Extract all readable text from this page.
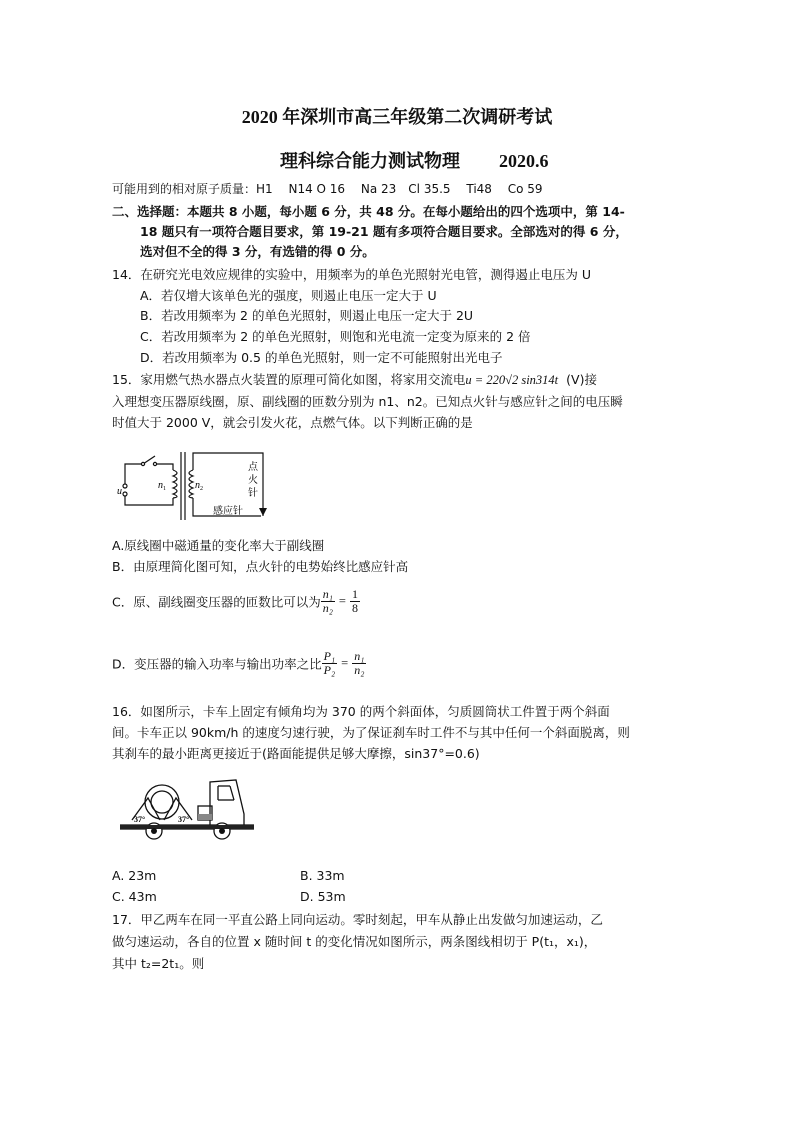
2020 年深圳市高三年级第二次调研考试
理科综合能力测试物理 2020.6
可能用到的相对原子质量：H1　 N14 O 16　 Na 23　Cl 35.5　 Ti48　 Co 59
二、选择题：本题共 8 小题，每小题 6 分，共 48 分。在每小题给出的四个选项中，第 14-
18 题只有一项符合题目要求，第 19-21 题有多项符合题目要求。全部选对的得 6 分，
选对但不全的得 3 分，有选错的得 0 分。
14．在研究光电效应规律的实验中，用频率为的单色光照射光电管，测得遏止电压为 U
A．若仅增大该单色光的强度，则遏止电压一定大于 U
B．若改用频率为 2 的单色光照射，则遏止电压一定大于 2U
C．若改用频率为 2 的单色光照射，则饱和光电流一定变为原来的 2 倍
D．若改用频率为 0.5 的单色光照射，则一定不可能照射出光电子
15．家用燃气热水器点火装置的原理可简化如图，将家用交流电u = 220√2 sin314t (V)接
入理想变压器原线圈，原、副线圈的匝数分别为 n1、n2。已知点火针与感应针之间的电压瞬
时值大于 2000 V，就会引发火花，点燃气体。以下判断正确的是
u
n 1	n 2
点
火
针
感应针
A.原线圈中磁通量的变化率大于副线圈
B．由原理简化图可知，点火针的电势始终比感应针高
C．原、副线圈变压器的匝数比可以为 $\frac{\text{n₁}}{\text{n₂}} = \frac{1}{8}$
D．变压器的输入功率与输出功率之比 $\frac{\text{P₁}}{\text{P₂}} = \frac{\text{n₁}}{\text{n₂}}$
16．如图所示，卡车上固定有倾角均为 370 的两个斜面体，匀质圆筒状工件置于两个斜面
间。卡车正以 90km/h 的速度匀速行驶，为了保证刹车时工件不与其中任何一个斜面脱离，则
其刹车的最小距离更接近于(路面能提供足够大摩擦，sin37°=0.6)
37°	37°
A. 23m	B. 33m
C. 43m	D. 53m
17．甲乙两车在同一平直公路上同向运动。零时刻起，甲车从静止出发做匀加速运动，乙
做匀速运动，各自的位置 x 随时间 t 的变化情况如图所示，两条图线相切于 P(t₁，x₁)，
其中 t₂=2t₁。则
